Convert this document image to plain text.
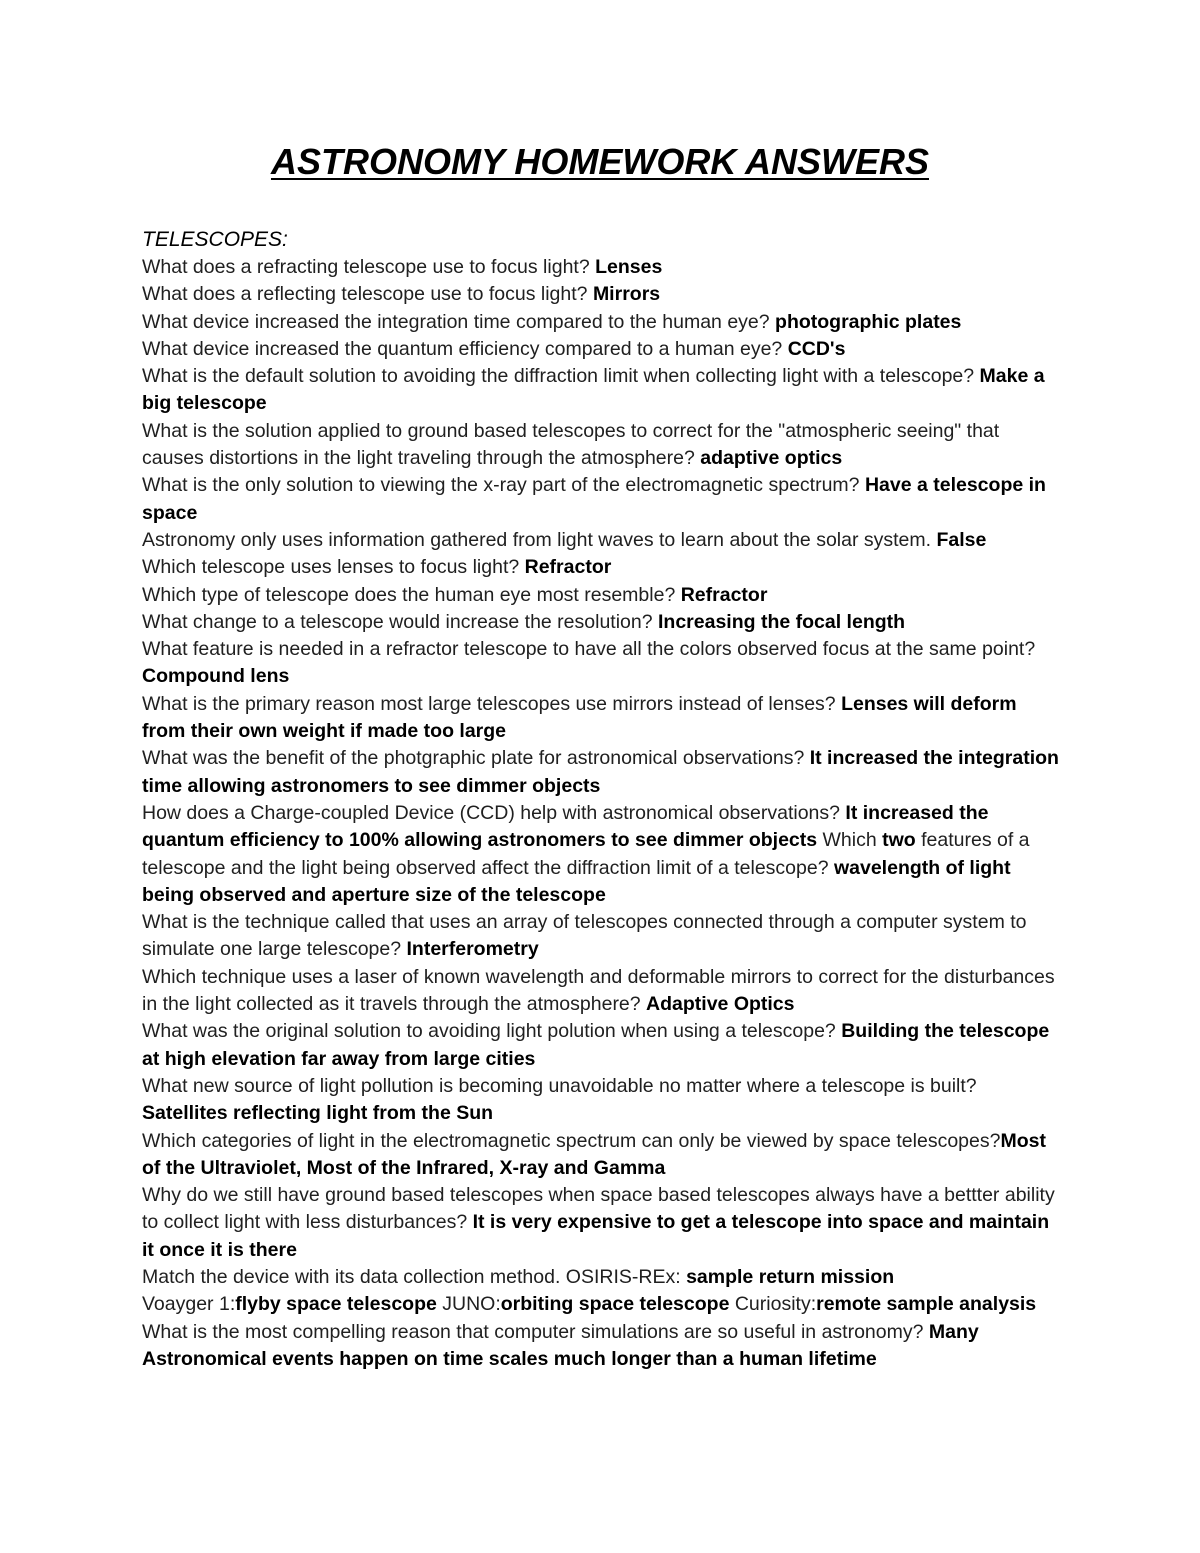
ASTRONOMY HOMEWORK ANSWERS
TELESCOPES:

What does a refracting telescope use to focus light? Lenses

What does a reflecting telescope use to focus light? Mirrors

What device increased the integration time compared to the human eye? photographic plates

What device increased the quantum efficiency compared to a human eye? CCD's

What is the default solution to avoiding the diffraction limit when collecting light with a telescope? Make a big telescope

What is the solution applied to ground based telescopes to correct for the "atmospheric seeing" that causes distortions in the light traveling through the atmosphere? adaptive optics

What is the only solution to viewing the x-ray part of the electromagnetic spectrum? Have a telescope in space

Astronomy only uses information gathered from light waves to learn about the solar system. False

Which telescope uses lenses to focus light? Refractor

Which type of telescope does the human eye most resemble? Refractor

What change to a telescope would increase the resolution? Increasing the focal length

What feature is needed in a refractor telescope to have all the colors observed focus at the same point? Compound lens

What is the primary reason most large telescopes use mirrors instead of lenses? Lenses will deform from their own weight if made too large

What was the benefit of the photgraphic plate for astronomical observations? It increased the integration time allowing astronomers to see dimmer objects

How does a Charge-coupled Device (CCD) help with astronomical observations? It increased the quantum efficiency to 100% allowing astronomers to see dimmer objects Which two features of a telescope and the light being observed affect the diffraction limit of a telescope? wavelength of light being observed and aperture size of the telescope

What is the technique called that uses an array of telescopes connected through a computer system to simulate one large telescope? Interferometry

Which technique uses a laser of known wavelength and deformable mirrors to correct for the disturbances in the light collected as it travels through the atmosphere? Adaptive Optics

What was the original solution to avoiding light polution when using a telescope? Building the telescope at high elevation far away from large cities

What new source of light pollution is becoming unavoidable no matter where a telescope is built? Satellites reflecting light from the Sun

Which categories of light in the electromagnetic spectrum can only be viewed by space telescopes?Most of the Ultraviolet, Most of the Infrared, X-ray and Gamma

Why do we still have ground based telescopes when space based telescopes always have a bettter ability to collect light with less disturbances? It is very expensive to get a telescope into space and maintain it once it is there

Match the device with its data collection method. OSIRIS-REx: sample return mission
Voayger 1:flyby space telescope JUNO:orbiting space telescope Curiosity:remote sample analysis

What is the most compelling reason that computer simulations are so useful in astronomy? Many Astronomical events happen on time scales much longer than a human lifetime
